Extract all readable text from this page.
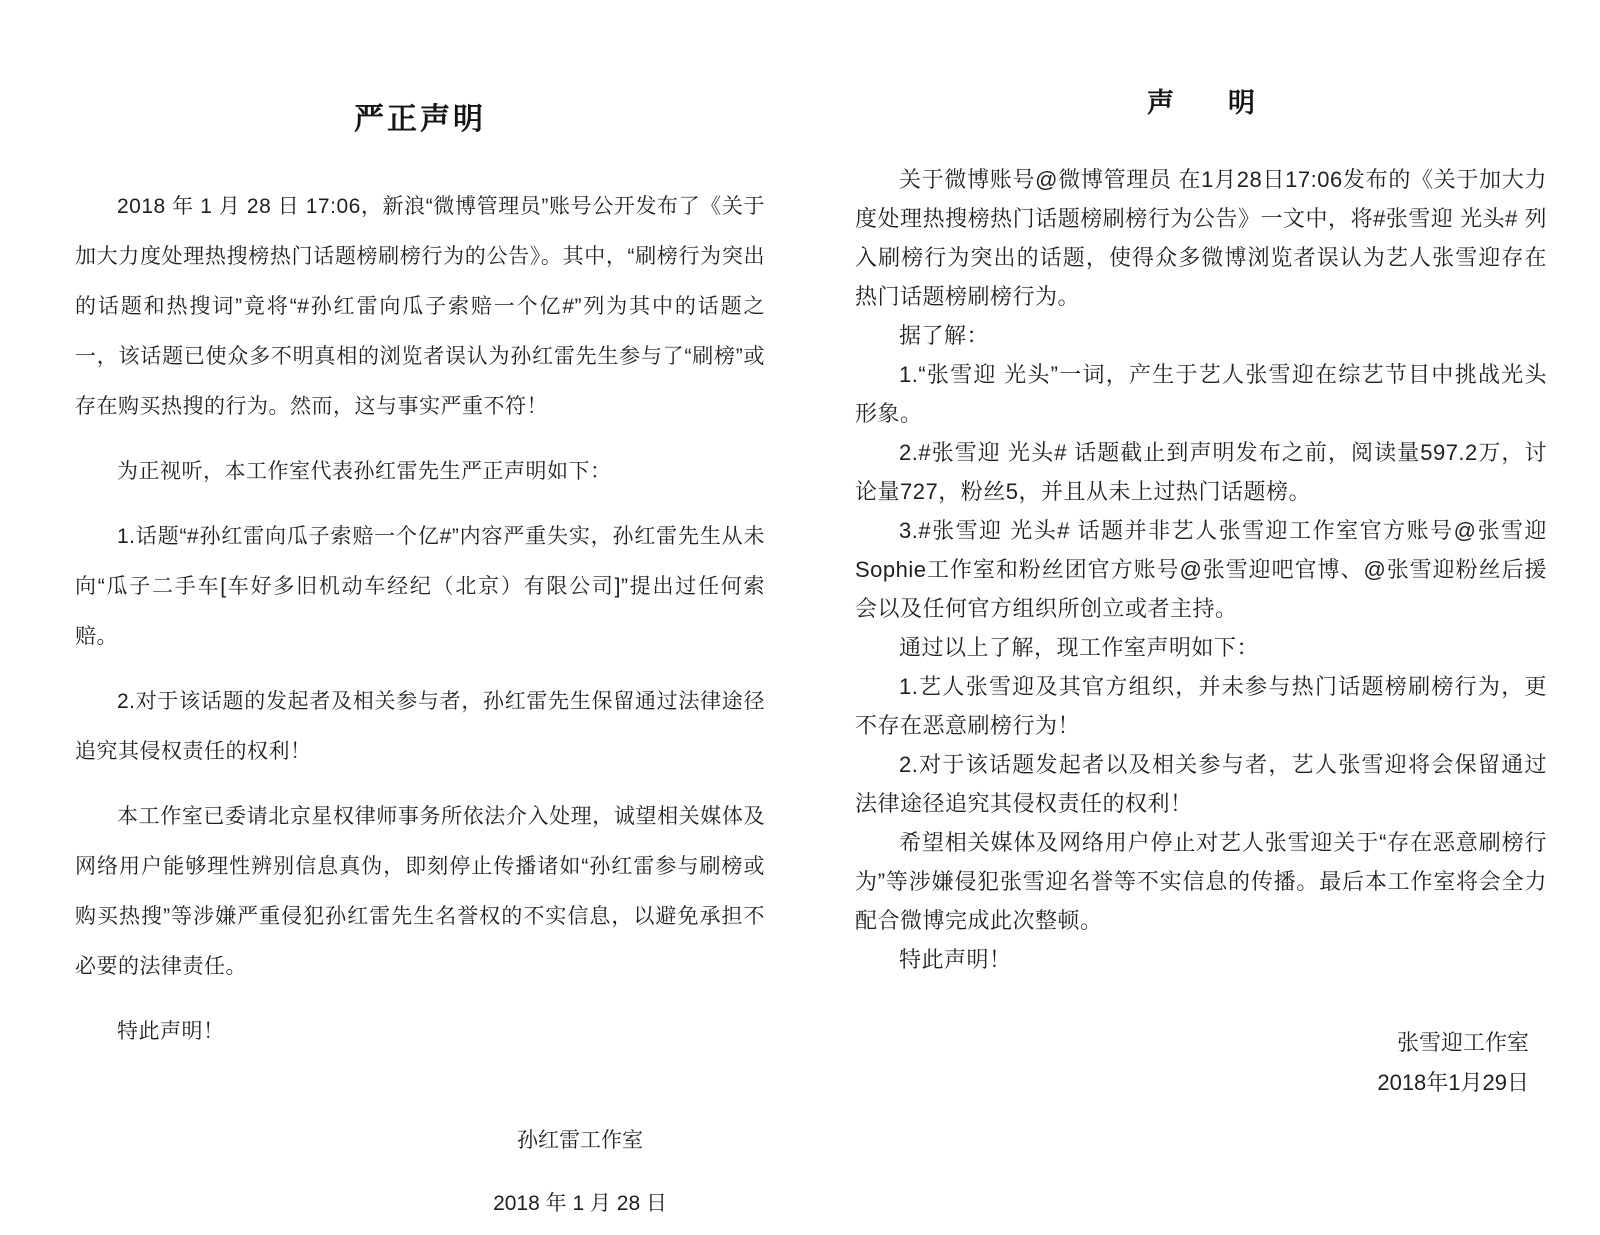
严正声明

2018 年 1 月 28 日 17:06，新浪“微博管理员”账号公开发布了《关于加大力度处理热搜榜热门话题榜刷榜行为的公告》。其中，“刷榜行为突出的话题和热搜词”竟将“#孙红雷向瓜子索赔一个亿#”列为其中的话题之一，该话题已使众多不明真相的浏览者误认为孙红雷先生参与了“刷榜”或存在购买热搜的行为。然而，这与事实严重不符！

为正视听，本工作室代表孙红雷先生严正声明如下：

1.话题“#孙红雷向瓜子索赔一个亿#”内容严重失实，孙红雷先生从未向“瓜子二手车[车好多旧机动车经纪（北京）有限公司]”提出过任何索赔。

2.对于该话题的发起者及相关参与者，孙红雷先生保留通过法律途径追究其侵权责任的权利！

本工作室已委请北京星权律师事务所依法介入处理，诚望相关媒体及网络用户能够理性辨别信息真伪，即刻停止传播诸如“孙红雷参与刷榜或购买热搜”等涉嫌严重侵犯孙红雷先生名誉权的不实信息，以避免承担不必要的法律责任。

特此声明！

孙红雷工作室
2018 年 1 月 28 日
声　　明

关于微博账号@微博管理员 在1月28日17:06发布的《关于加大力度处理热搜榜热门话题榜刷榜行为公告》一文中，将#张雪迎 光头# 列入刷榜行为突出的话题，使得众多微博浏览者误认为艺人张雪迎存在热门话题榜刷榜行为。

据了解：

1.“张雪迎 光头”一词，产生于艺人张雪迎在综艺节目中挑战光头形象。

2.#张雪迎 光头# 话题截止到声明发布之前，阅读量597.2万，讨论量727，粉丝5，并且从未上过热门话题榜。

3.#张雪迎 光头# 话题并非艺人张雪迎工作室官方账号@张雪迎Sophie工作室和粉丝团官方账号@张雪迎吧官博、@张雪迎粉丝后援会以及任何官方组织所创立或者主持。

通过以上了解，现工作室声明如下：

1.艺人张雪迎及其官方组织，并未参与热门话题榜刷榜行为，更不存在恶意刷榜行为！

2.对于该话题发起者以及相关参与者，艺人张雪迎将会保留通过法律途径追究其侵权责任的权利！

希望相关媒体及网络用户停止对艺人张雪迎关于“存在恶意刷榜行为”等涉嫌侵犯张雪迎名誉等不实信息的传播。最后本工作室将会全力配合微博完成此次整顿。

特此声明！

张雪迎工作室
2018年1月29日
